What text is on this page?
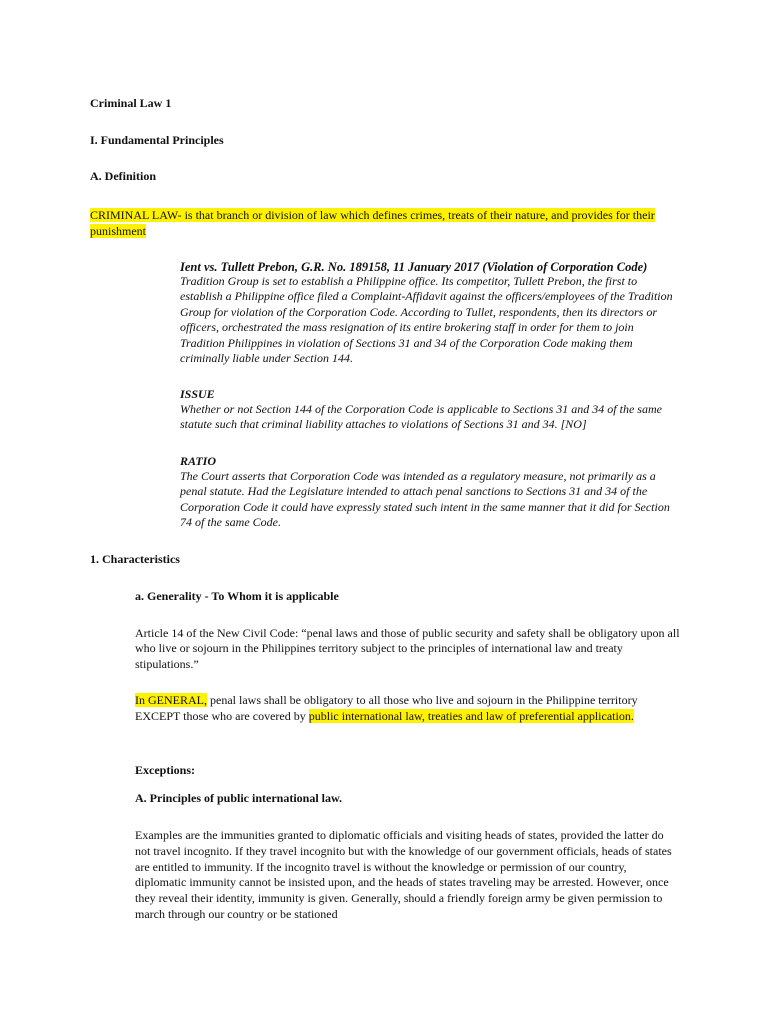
Criminal Law 1
I. Fundamental Principles
A. Definition
CRIMINAL LAW- is that branch or division of law which defines crimes, treats of their nature, and provides for their punishment
Ient vs. Tullett Prebon, G.R. No. 189158, 11 January 2017 (Violation of Corporation Code)
Tradition Group is set to establish a Philippine office. Its competitor, Tullett Prebon, the first to establish a Philippine office filed a Complaint-Affidavit against the officers/employees of the Tradition Group for violation of the Corporation Code. According to Tullet, respondents, then its directors or officers, orchestrated the mass resignation of its entire brokering staff in order for them to join Tradition Philippines in violation of Sections 31 and 34 of the Corporation Code making them criminally liable under Section 144.
ISSUE
Whether or not Section 144 of the Corporation Code is applicable to Sections 31 and 34 of the same statute such that criminal liability attaches to violations of Sections 31 and 34. [NO]
RATIO
The Court asserts that Corporation Code was intended as a regulatory measure, not primarily as a penal statute. Had the Legislature intended to attach penal sanctions to Sections 31 and 34 of the Corporation Code it could have expressly stated such intent in the same manner that it did for Section 74 of the same Code.
1. Characteristics
a. Generality - To Whom it is applicable
Article 14 of the New Civil Code: “penal laws and those of public security and safety shall be obligatory upon all who live or sojourn in the Philippines territory subject to the principles of international law and treaty stipulations.”
In GENERAL, penal laws shall be obligatory to all those who live and sojourn in the Philippine territory EXCEPT those who are covered by public international law, treaties and law of preferential application.
Exceptions:
A. Principles of public international law.
Examples are the immunities granted to diplomatic officials and visiting heads of states, provided the latter do not travel incognito. If they travel incognito but with the knowledge of our government officials, heads of states are entitled to immunity. If the incognito travel is without the knowledge or permission of our country, diplomatic immunity cannot be insisted upon, and the heads of states traveling may be arrested. However, once they reveal their identity, immunity is given. Generally, should a friendly foreign army be given permission to march through our country or be stationed
